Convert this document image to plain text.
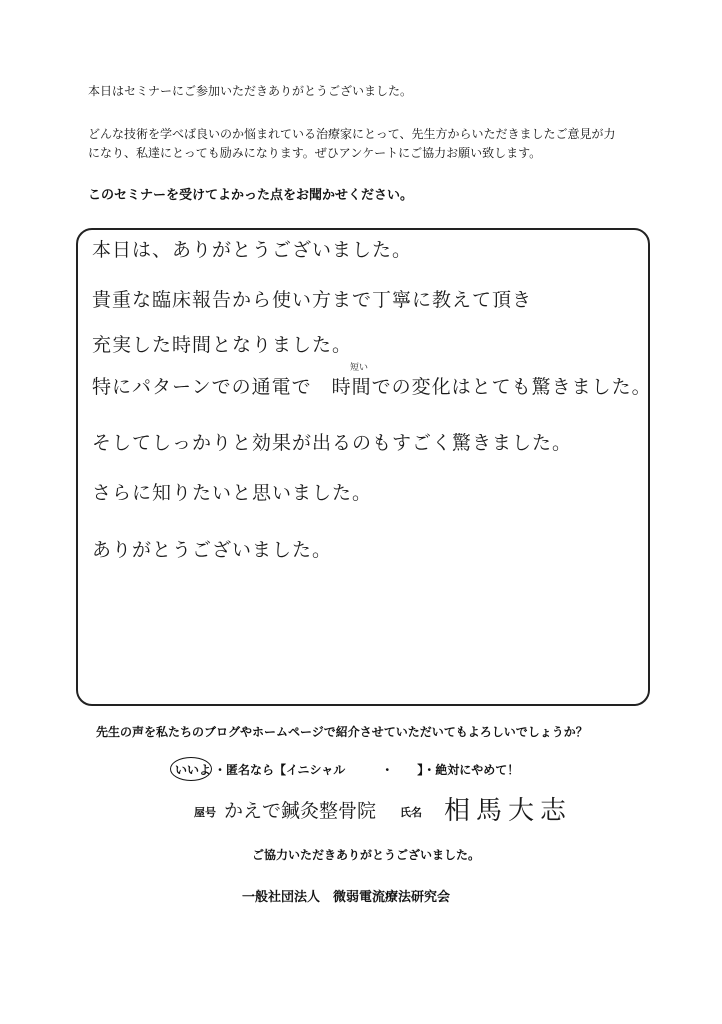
本日はセミナーにご参加いただきありがとうございました。
どんな技術を学べば良いのか悩まれている治療家にとって、先生方からいただきましたご意見が力
になり、私達にとっても励みになります。ぜひアンケートにご協力お願い致します。
このセミナーを受けてよかった点をお聞かせください。
本日は、ありがとうございました。
貴重な臨床報告から使い方まで丁寧に教えて頂き
充実した時間となりました。
短い
特にパターンでの通電で　時間での変化はとても驚きました。
そしてしっかりと効果が出るのもすごく驚きました。
さらに知りたいと思いました。
ありがとうございました。
先生の声を私たちのブログやホームページで紹介させていただいてもよろしいでしょうか？
いいよ ・匿名なら【イニシャル　　　・　　】・絶対にやめて！
屋号 かえで鍼灸整骨院 氏名 相馬大志
ご協力いただきありがとうございました。
一般社団法人　微弱電流療法研究会
